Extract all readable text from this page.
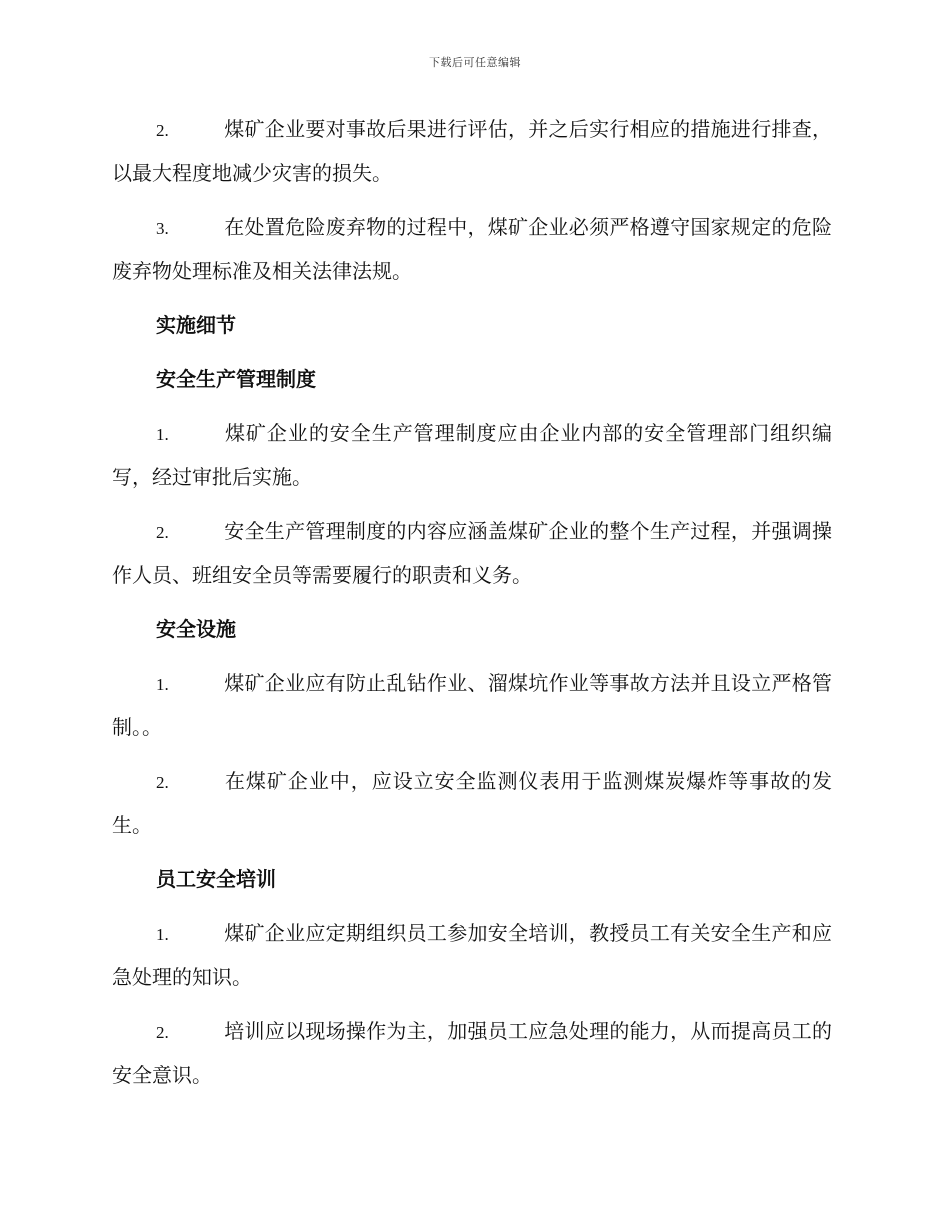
下载后可任意编辑

2.	煤矿企业要对事故后果进行评估，并之后实行相应的措施进行排查，以最大程度地减少灾害的损失。

3.	在处置危险废弃物的过程中，煤矿企业必须严格遵守国家规定的危险废弃物处理标准及相关法律法规。

实施细节
安全生产管理制度

1.	煤矿企业的安全生产管理制度应由企业内部的安全管理部门组织编写，经过审批后实施。

2.	安全生产管理制度的内容应涵盖煤矿企业的整个生产过程，并强调操作人员、班组安全员等需要履行的职责和义务。

安全设施

1.	煤矿企业应有防止乱钻作业、溜煤坑作业等事故方法并且设立严格管制。。

2.	在煤矿企业中，应设立安全监测仪表用于监测煤炭爆炸等事故的发生。

员工安全培训

1.	煤矿企业应定期组织员工参加安全培训，教授员工有关安全生产和应急处理的知识。

2.	培训应以现场操作为主，加强员工应急处理的能力，从而提高员工的安全意识。
